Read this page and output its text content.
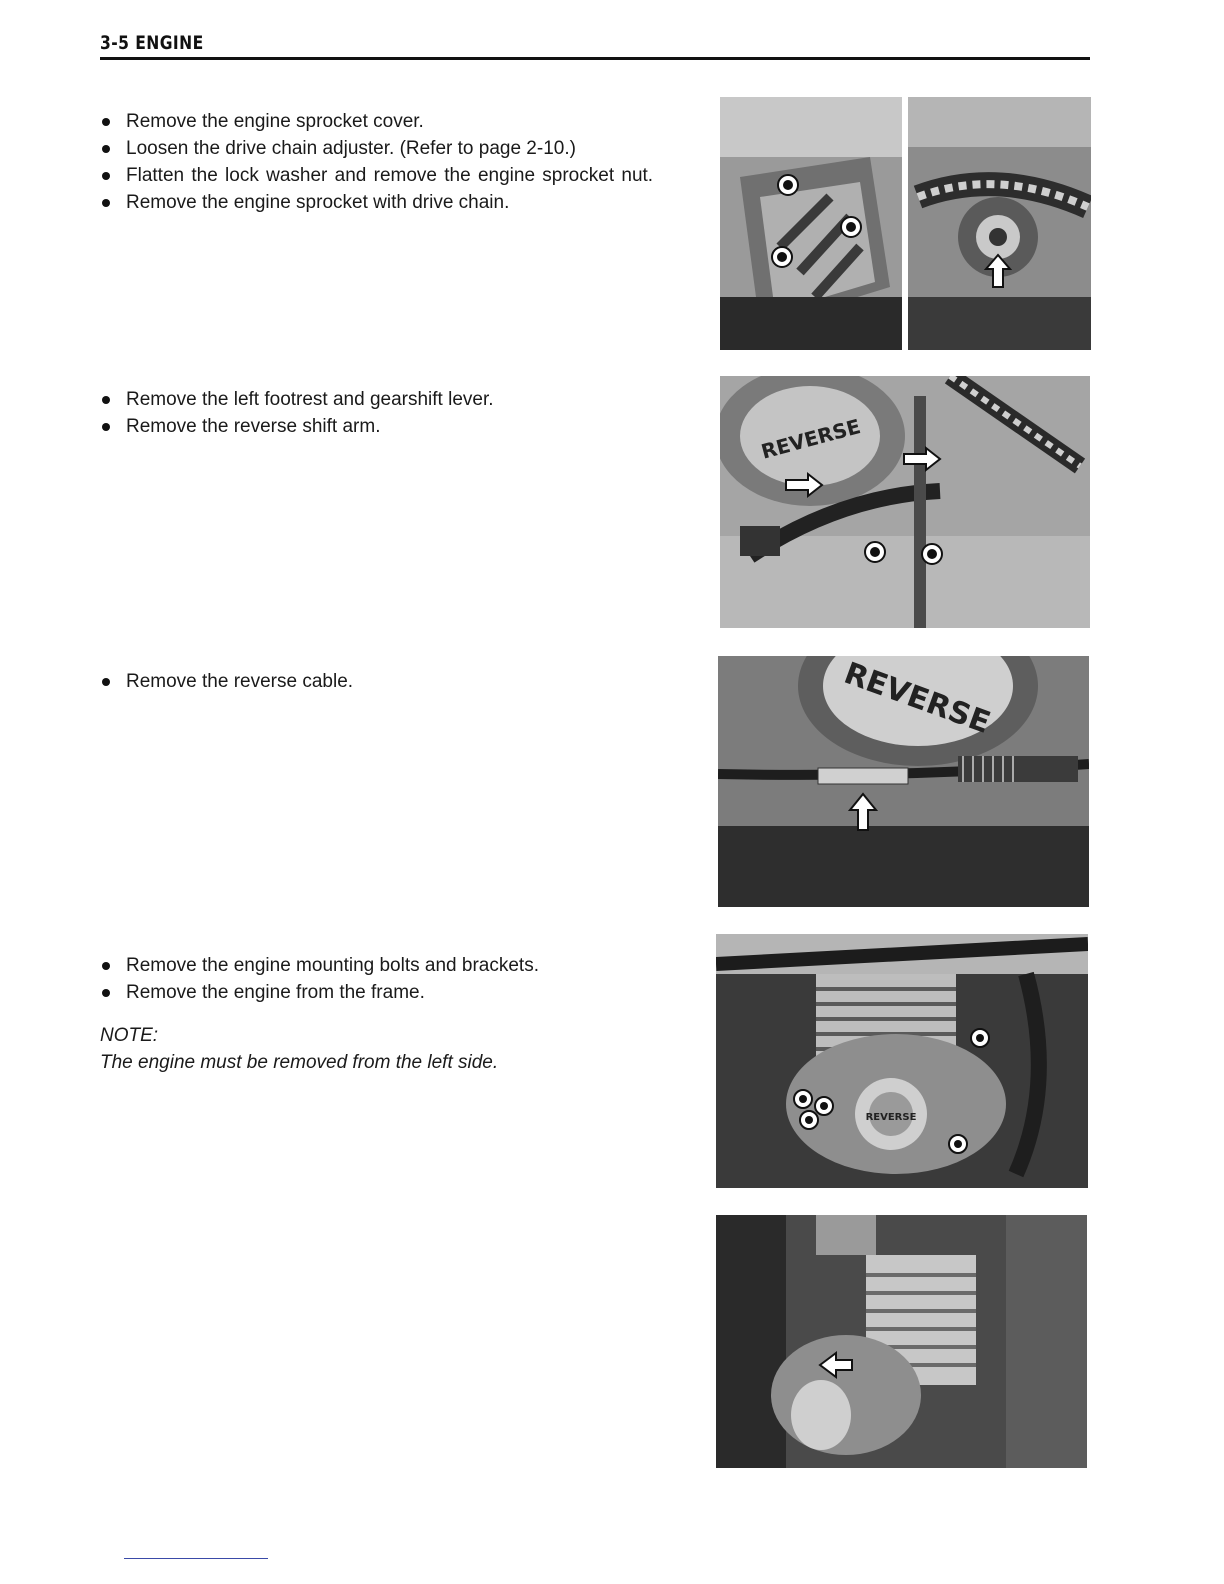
3-5 ENGINE
Remove the engine sprocket cover.
Loosen the drive chain adjuster. (Refer to page 2-10.)
Flatten the lock washer and remove the engine sprocket nut.
Remove the engine sprocket with drive chain.
Remove the left footrest and gearshift lever.
Remove the reverse shift arm.
Remove the reverse cable.
Remove the engine mounting bolts and brackets.
Remove the engine from the frame.
NOTE:
The engine must be removed from the left side.
REVERSE
REVERSE
REVERSE
